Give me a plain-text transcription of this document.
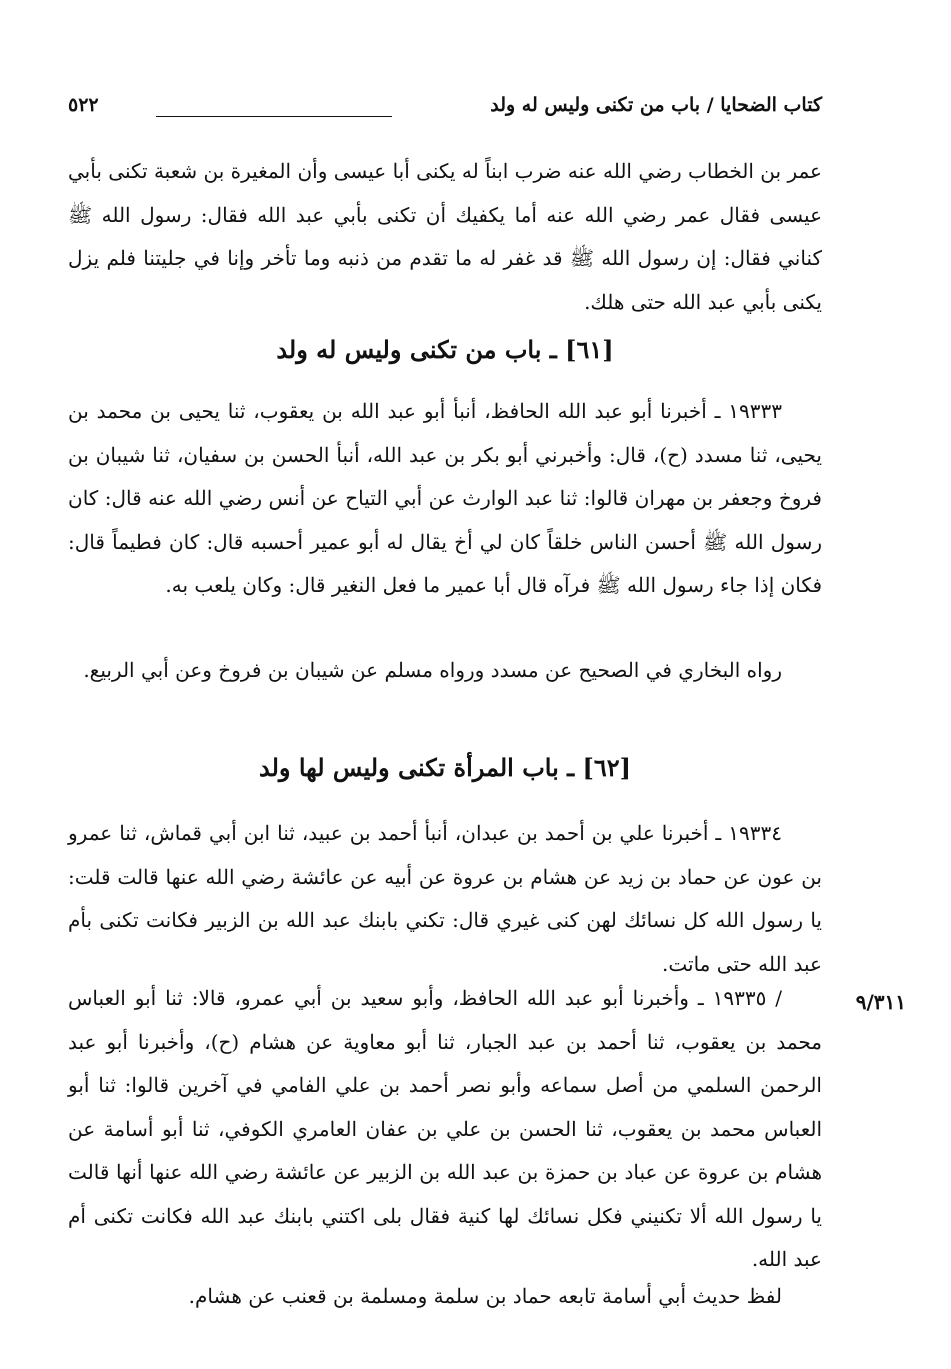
كتاب الضحايا / باب من تكنى وليس له ولد
٥٢٢
عمر بن الخطاب رضي الله عنه ضرب ابناً له يكنى أبا عيسى وأن المغيرة بن شعبة تكنى بأبي عيسى فقال عمر رضي الله عنه أما يكفيك أن تكنى بأبي عبد الله فقال: رسول الله ﷺ كناني فقال: إن رسول الله ﷺ قد غفر له ما تقدم من ذنبه وما تأخر وإنا في جليتنا فلم يزل يكنى بأبي عبد الله حتى هلك.
[٦١] ـ باب من تكنى وليس له ولد
١٩٣٣٣ ـ أخبرنا أبو عبد الله الحافظ، أنبأ أبو عبد الله بن يعقوب، ثنا يحيى بن محمد بن يحيى، ثنا مسدد (ح)، قال: وأخبرني أبو بكر بن عبد الله، أنبأ الحسن بن سفيان، ثنا شيبان بن فروخ وجعفر بن مهران قالوا: ثنا عبد الوارث عن أبي التياح عن أنس رضي الله عنه قال: كان رسول الله ﷺ أحسن الناس خلقاً كان لي أخ يقال له أبو عمير أحسبه قال: كان فطيماً قال: فكان إذا جاء رسول الله ﷺ فرآه قال أبا عمير ما فعل النغير قال: وكان يلعب به.
رواه البخاري في الصحيح عن مسدد ورواه مسلم عن شيبان بن فروخ وعن أبي الربيع.
[٦٢] ـ باب المرأة تكنى وليس لها ولد
١٩٣٣٤ ـ أخبرنا علي بن أحمد بن عبدان، أنبأ أحمد بن عبيد، ثنا ابن أبي قماش، ثنا عمرو بن عون عن حماد بن زيد عن هشام بن عروة عن أبيه عن عائشة رضي الله عنها قالت قلت: يا رسول الله كل نسائك لهن كنى غيري قال: تكني بابنك عبد الله بن الزبير فكانت تكنى بأم عبد الله حتى ماتت.
٩/٣١١
/ ١٩٣٣٥ ـ وأخبرنا أبو عبد الله الحافظ، وأبو سعيد بن أبي عمرو، قالا: ثنا أبو العباس محمد بن يعقوب، ثنا أحمد بن عبد الجبار، ثنا أبو معاوية عن هشام (ح)، وأخبرنا أبو عبد الرحمن السلمي من أصل سماعه وأبو نصر أحمد بن علي الفامي في آخرين قالوا: ثنا أبو العباس محمد بن يعقوب، ثنا الحسن بن علي بن عفان العامري الكوفي، ثنا أبو أسامة عن هشام بن عروة عن عباد بن حمزة بن عبد الله بن الزبير عن عائشة رضي الله عنها أنها قالت يا رسول الله ألا تكنيني فكل نسائك لها كنية فقال بلى اكتني بابنك عبد الله فكانت تكنى أم عبد الله.
لفظ حديث أبي أسامة تابعه حماد بن سلمة ومسلمة بن قعنب عن هشام.
